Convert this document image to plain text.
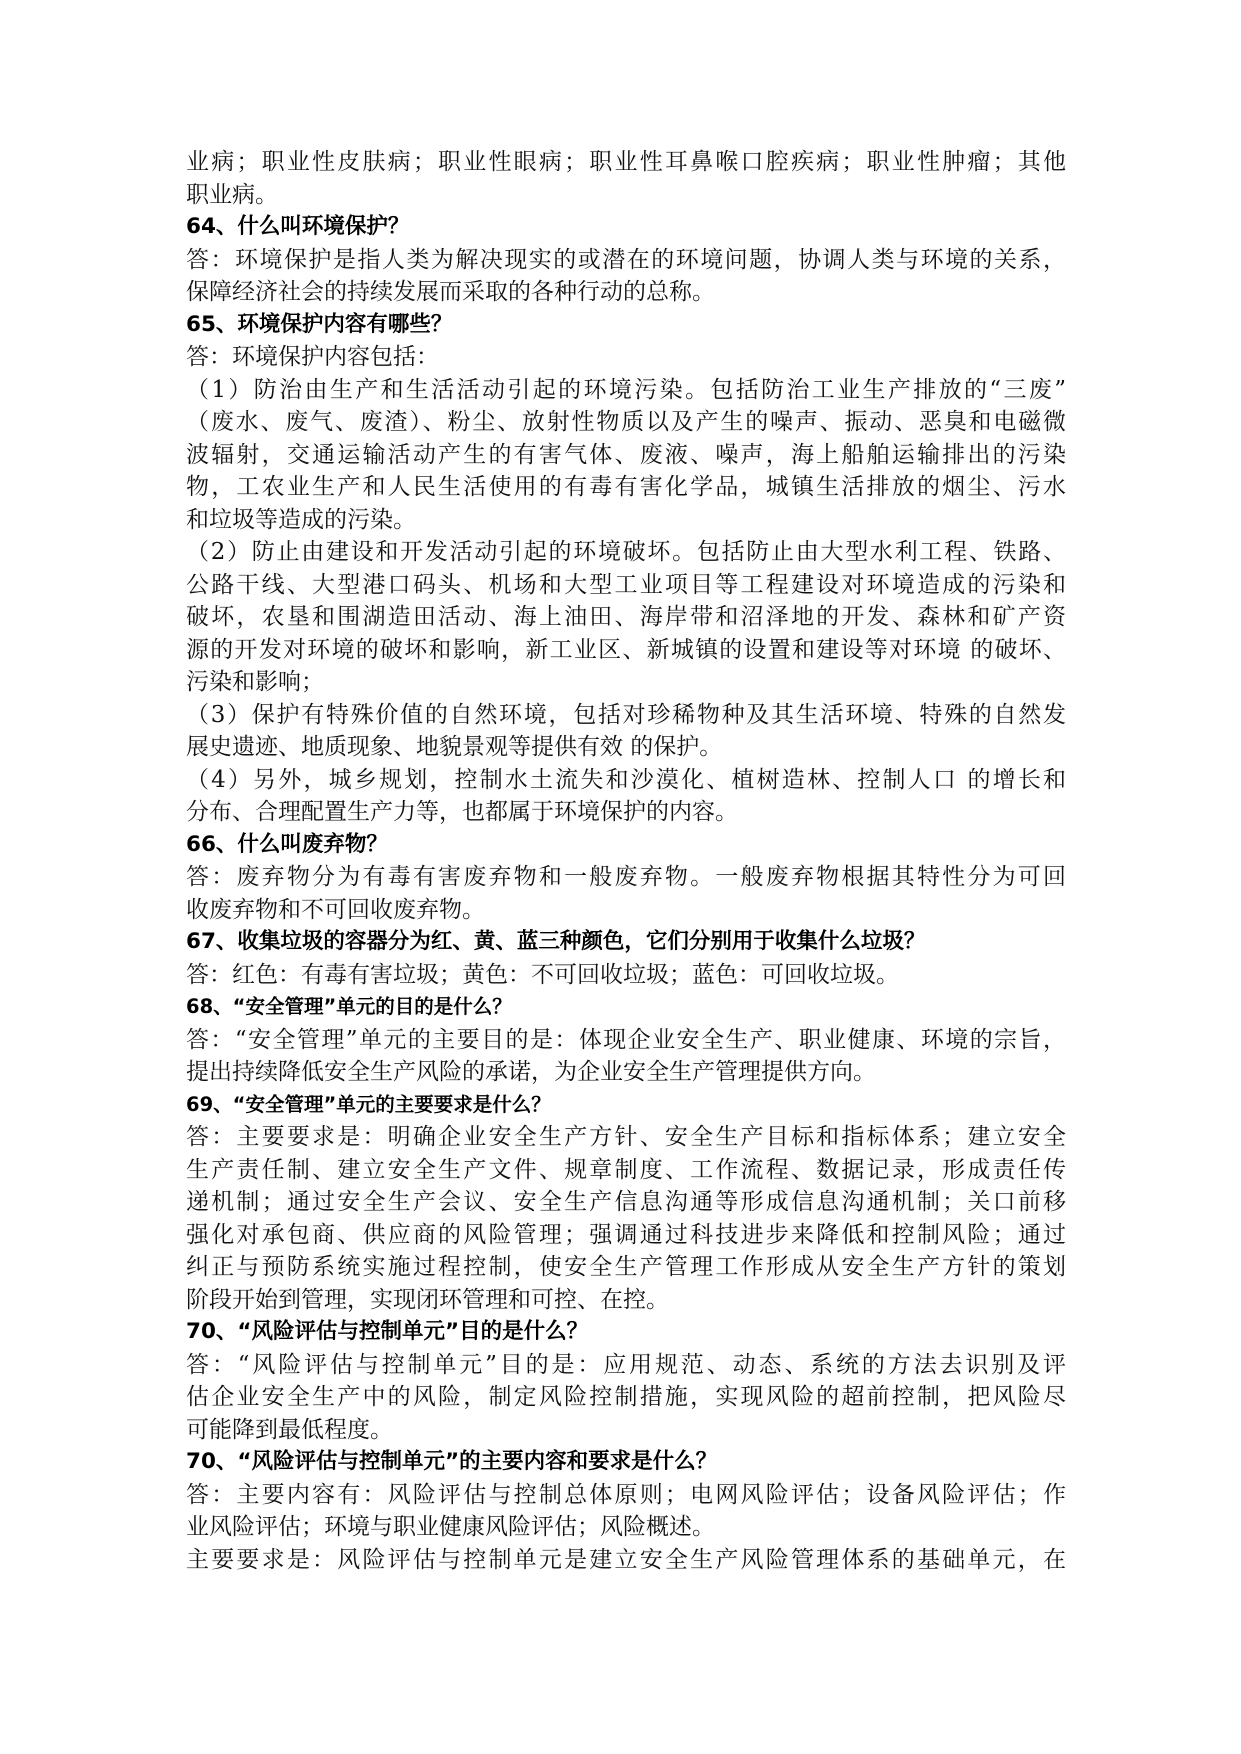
业病；职业性皮肤病；职业性眼病；职业性耳鼻喉口腔疾病；职业性肿瘤；其他
职业病。
64、什么叫环境保护？
答：环境保护是指人类为解决现实的或潜在的环境问题，协调人类与环境的关系，
保障经济社会的持续发展而采取的各种行动的总称。
65、环境保护内容有哪些？
答：环境保护内容包括：
（1）防治由生产和生活活动引起的环境污染。包括防治工业生产排放的“三废”
（废水、废气、废渣）、粉尘、放射性物质以及产生的噪声、振动、恶臭和电磁微
波辐射，交通运输活动产生的有害气体、废液、噪声，海上船舶运输排出的污染
物，工农业生产和人民生活使用的有毒有害化学品，城镇生活排放的烟尘、污水
和垃圾等造成的污染。
（2）防止由建设和开发活动引起的环境破坏。包括防止由大型水利工程、铁路、
公路干线、大型港口码头、机场和大型工业项目等工程建设对环境造成的污染和
破坏，农垦和围湖造田活动、海上油田、海岸带和沼泽地的开发、森林和矿产资
源的开发对环境的破坏和影响，新工业区、新城镇的设置和建设等对环境 的破坏、
污染和影响；
（3）保护有特殊价值的自然环境，包括对珍稀物种及其生活环境、特殊的自然发
展史遗迹、地质现象、地貌景观等提供有效 的保护。
（4）另外，城乡规划，控制水土流失和沙漠化、植树造林、控制人口 的增长和
分布、合理配置生产力等，也都属于环境保护的内容。
66、什么叫废弃物？
答：废弃物分为有毒有害废弃物和一般废弃物。一般废弃物根据其特性分为可回
收废弃物和不可回收废弃物。
67、收集垃圾的容器分为红、黄、蓝三种颜色，它们分别用于收集什么垃圾？
答：红色：有毒有害垃圾；黄色：不可回收垃圾；蓝色：可回收垃圾。
68、“安全管理”单元的目的是什么？
答：“安全管理”单元的主要目的是：体现企业安全生产、职业健康、环境的宗旨，
提出持续降低安全生产风险的承诺，为企业安全生产管理提供方向。
69、“安全管理”单元的主要要求是什么？
答：主要要求是：明确企业安全生产方针、安全生产目标和指标体系；建立安全
生产责任制、建立安全生产文件、规章制度、工作流程、数据记录，形成责任传
递机制；通过安全生产会议、安全生产信息沟通等形成信息沟通机制；关口前移
强化对承包商、供应商的风险管理；强调通过科技进步来降低和控制风险；通过
纠正与预防系统实施过程控制，使安全生产管理工作形成从安全生产方针的策划
阶段开始到管理，实现闭环管理和可控、在控。
70、“风险评估与控制单元”目的是什么？
答：“风险评估与控制单元”目的是：应用规范、动态、系统的方法去识别及评
估企业安全生产中的风险，制定风险控制措施，实现风险的超前控制，把风险尽
可能降到最低程度。
70、“风险评估与控制单元”的主要内容和要求是什么？
答：主要内容有：风险评估与控制总体原则；电网风险评估；设备风险评估；作
业风险评估；环境与职业健康风险评估；风险概述。
主要要求是：风险评估与控制单元是建立安全生产风险管理体系的基础单元，在
